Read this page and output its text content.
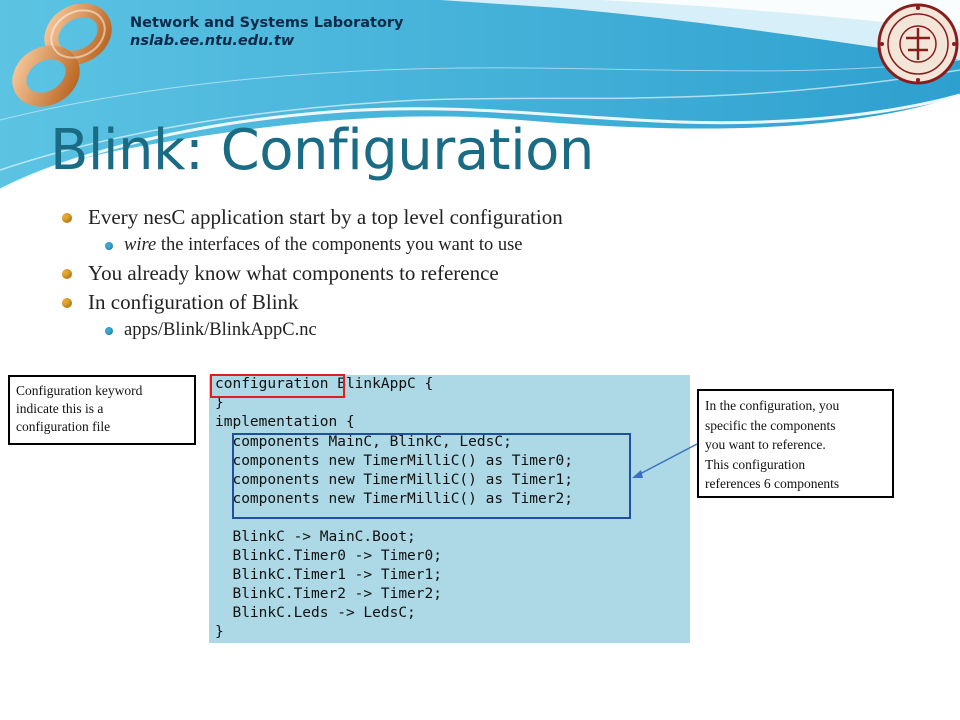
Network and Systems Laboratory
nslab.ee.ntu.edu.tw
Blink: Configuration
Every nesC application start by a top level configuration
wire the interfaces of the components you want to use
You already know what components to reference
In configuration of Blink
apps/Blink/BlinkAppC.nc
Configuration keyword
indicate this is a
configuration file
configuration BlinkAppC {
}
implementation {
components MainC, BlinkC, LedsC;
components new TimerMilliC() as Timer0;
components new TimerMilliC() as Timer1;
components new TimerMilliC() as Timer2;
BlinkC -> MainC.Boot;
BlinkC.Timer0 -> Timer0;
BlinkC.Timer1 -> Timer1;
BlinkC.Timer2 -> Timer2;
BlinkC.Leds -> LedsC;
}
In the configuration, you
specific the components
you want to reference.
This configuration
references 6 components
